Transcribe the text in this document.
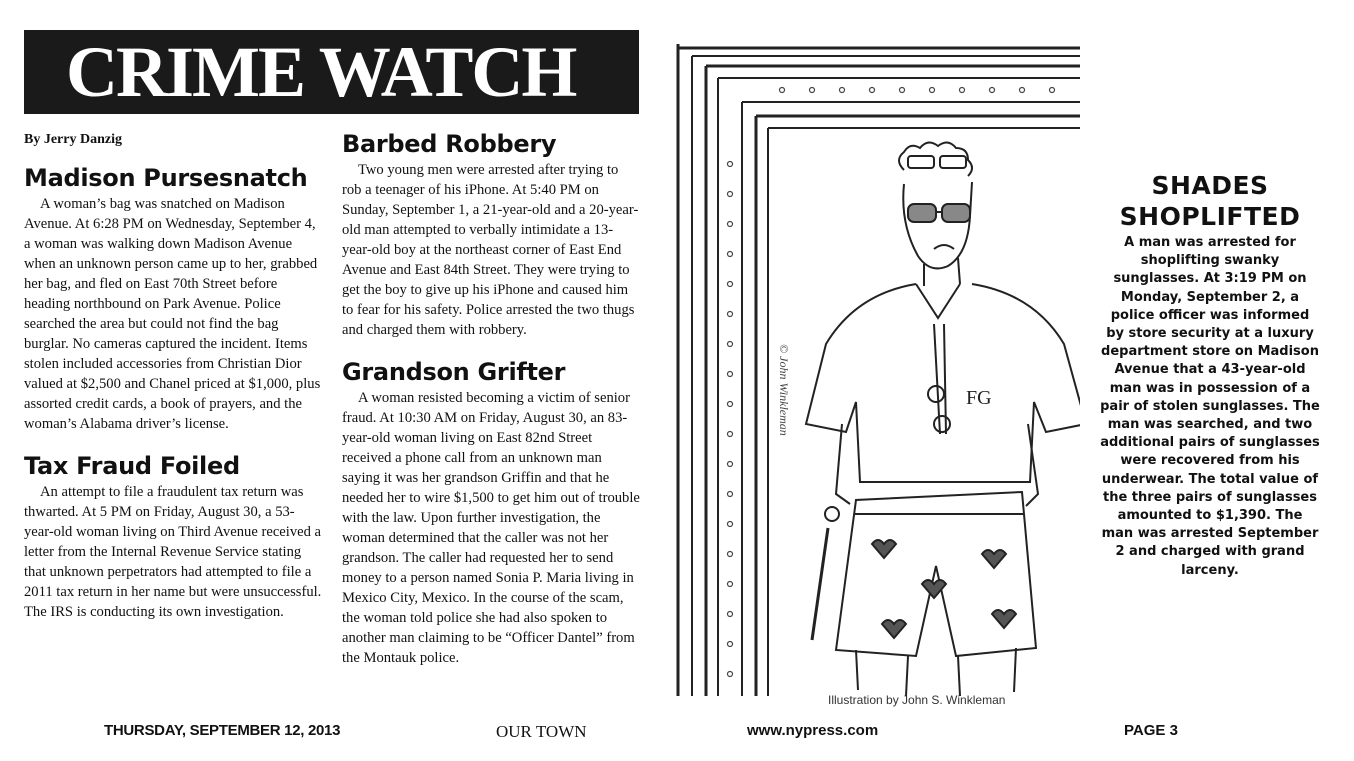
CRIME WATCH
By Jerry Danzig
Madison Pursesnatch

A woman’s bag was snatched on Madison Avenue. At 6:28 PM on Wednesday, September 4, a woman was walking down Madison Avenue when an unknown person came up to her, grabbed her bag, and fled on East 70th Street before heading northbound on Park Avenue. Police searched the area but could not find the bag burglar. No cameras captured the incident. Items stolen included accessories from Christian Dior valued at $2,500 and Chanel priced at $1,000, plus assorted credit cards, a book of prayers, and the woman’s Alabama driver’s license.

Tax Fraud Foiled

An attempt to file a fraudulent tax return was thwarted. At 5 PM on Friday, August 30, a 53-year-old woman living on Third Avenue received a letter from the Internal Revenue Service stating that unknown perpetrators had attempted to file a 2011 tax return in her name but were unsuccessful. The IRS is conducting its own investigation.

Barbed Robbery

Two young men were arrested after trying to rob a teenager of his iPhone. At 5:40 PM on Sunday, September 1, a 21-year-old and a 20-year-old man attempted to verbally intimidate a 13-year-old boy at the northeast corner of East End Avenue and East 84th Street. They were trying to get the boy to give up his iPhone and caused him to fear for his safety. Police arrested the two thugs and charged them with robbery.

Grandson Grifter

A woman resisted becoming a victim of senior fraud. At 10:30 AM on Friday, August 30, an 83-year-old woman living on East 82nd Street received a phone call from an unknown man saying it was her grandson Griffin and that he needed her to wire $1,500 to get him out of trouble with the law. Upon further investigation, the woman determined that the caller was not her grandson. The caller had requested her to send money to a person named Sonia P. Maria living in Mexico City, Mexico. In the course of the scam, the woman told police she had also spoken to another man claiming to be “Officer Dantel” from the Montauk police.

FG
© John Winkleman
Illustration by John S. Winkleman
SHADES
SHOPLIFTED
A man was arrested for shoplifting swanky sunglasses. At 3:19 PM on Monday, September 2, a police officer was informed by store security at a luxury department store on Madison Avenue that a 43-year-old man was in possession of a pair of stolen sunglasses. The man was searched, and two additional pairs of sunglasses were recovered from his underwear. The total value of the three pairs of sunglasses amounted to $1,390. The man was arrested September 2 and charged with grand larceny.
THURSDAY, SEPTEMBER 12, 2013	OUR TOWN	www.nypress.com	PAGE 3
